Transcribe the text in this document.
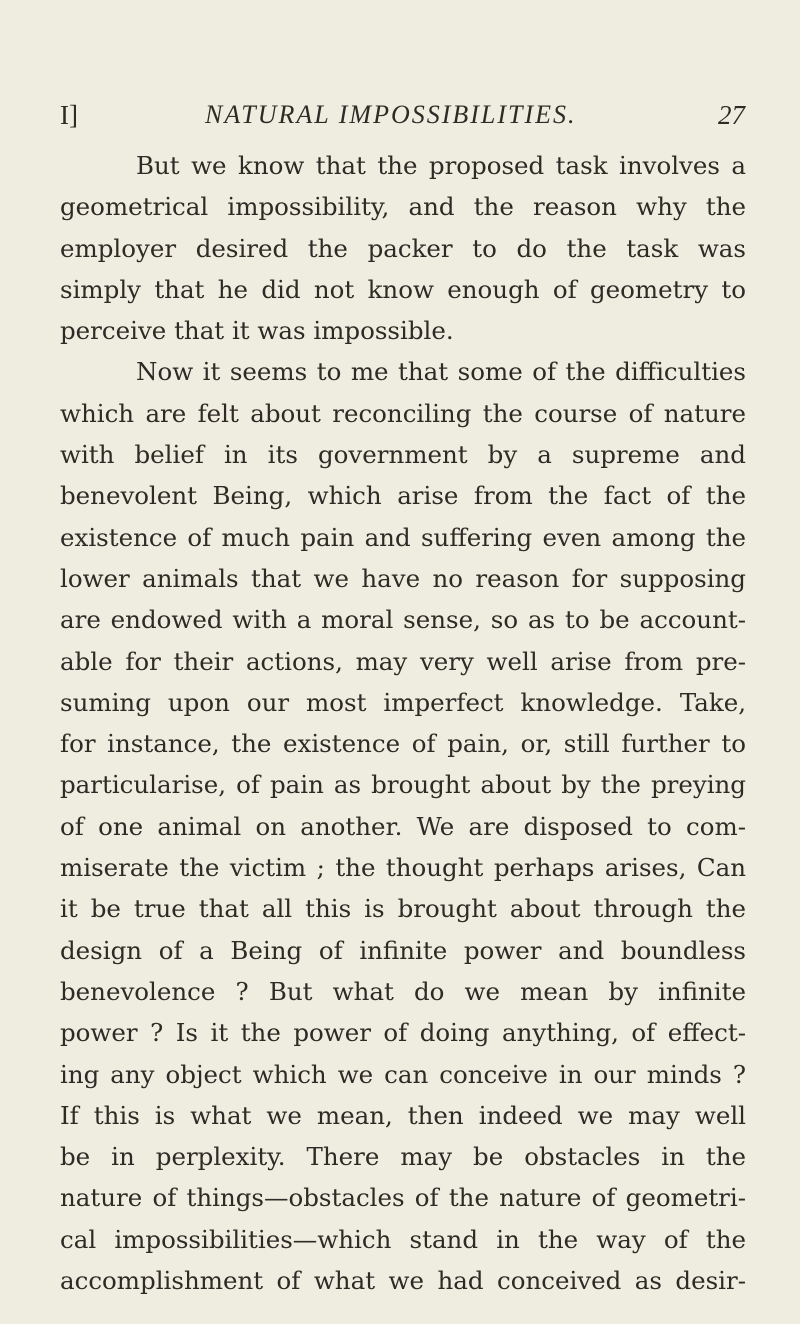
I]	NATURAL IMPOSSIBILITIES.	27
But we know that the proposed task involves a
geometrical impossibility, and the reason why the
employer desired the packer to do the task was
simply that he did not know enough of geometry to
perceive that it was impossible.
Now it seems to me that some of the difficulties
which are felt about reconciling the course of nature
with belief in its government by a supreme and
benevolent Being, which arise from the fact of the
existence of much pain and suffering even among the
lower animals that we have no reason for supposing
are endowed with a moral sense, so as to be account-
able for their actions, may very well arise from pre-
suming upon our most imperfect knowledge. Take,
for instance, the existence of pain, or, still further to
particularise, of pain as brought about by the preying
of one animal on another. We are disposed to com-
miserate the victim ; the thought perhaps arises, Can
it be true that all this is brought about through the
design of a Being of infinite power and boundless
benevolence ? But what do we mean by infinite
power ? Is it the power of doing anything, of effect-
ing any object which we can conceive in our minds ?
If this is what we mean, then indeed we may well
be in perplexity. There may be obstacles in the
nature of things—obstacles of the nature of geometri-
cal impossibilities—which stand in the way of the
accomplishment of what we had conceived as desir-
